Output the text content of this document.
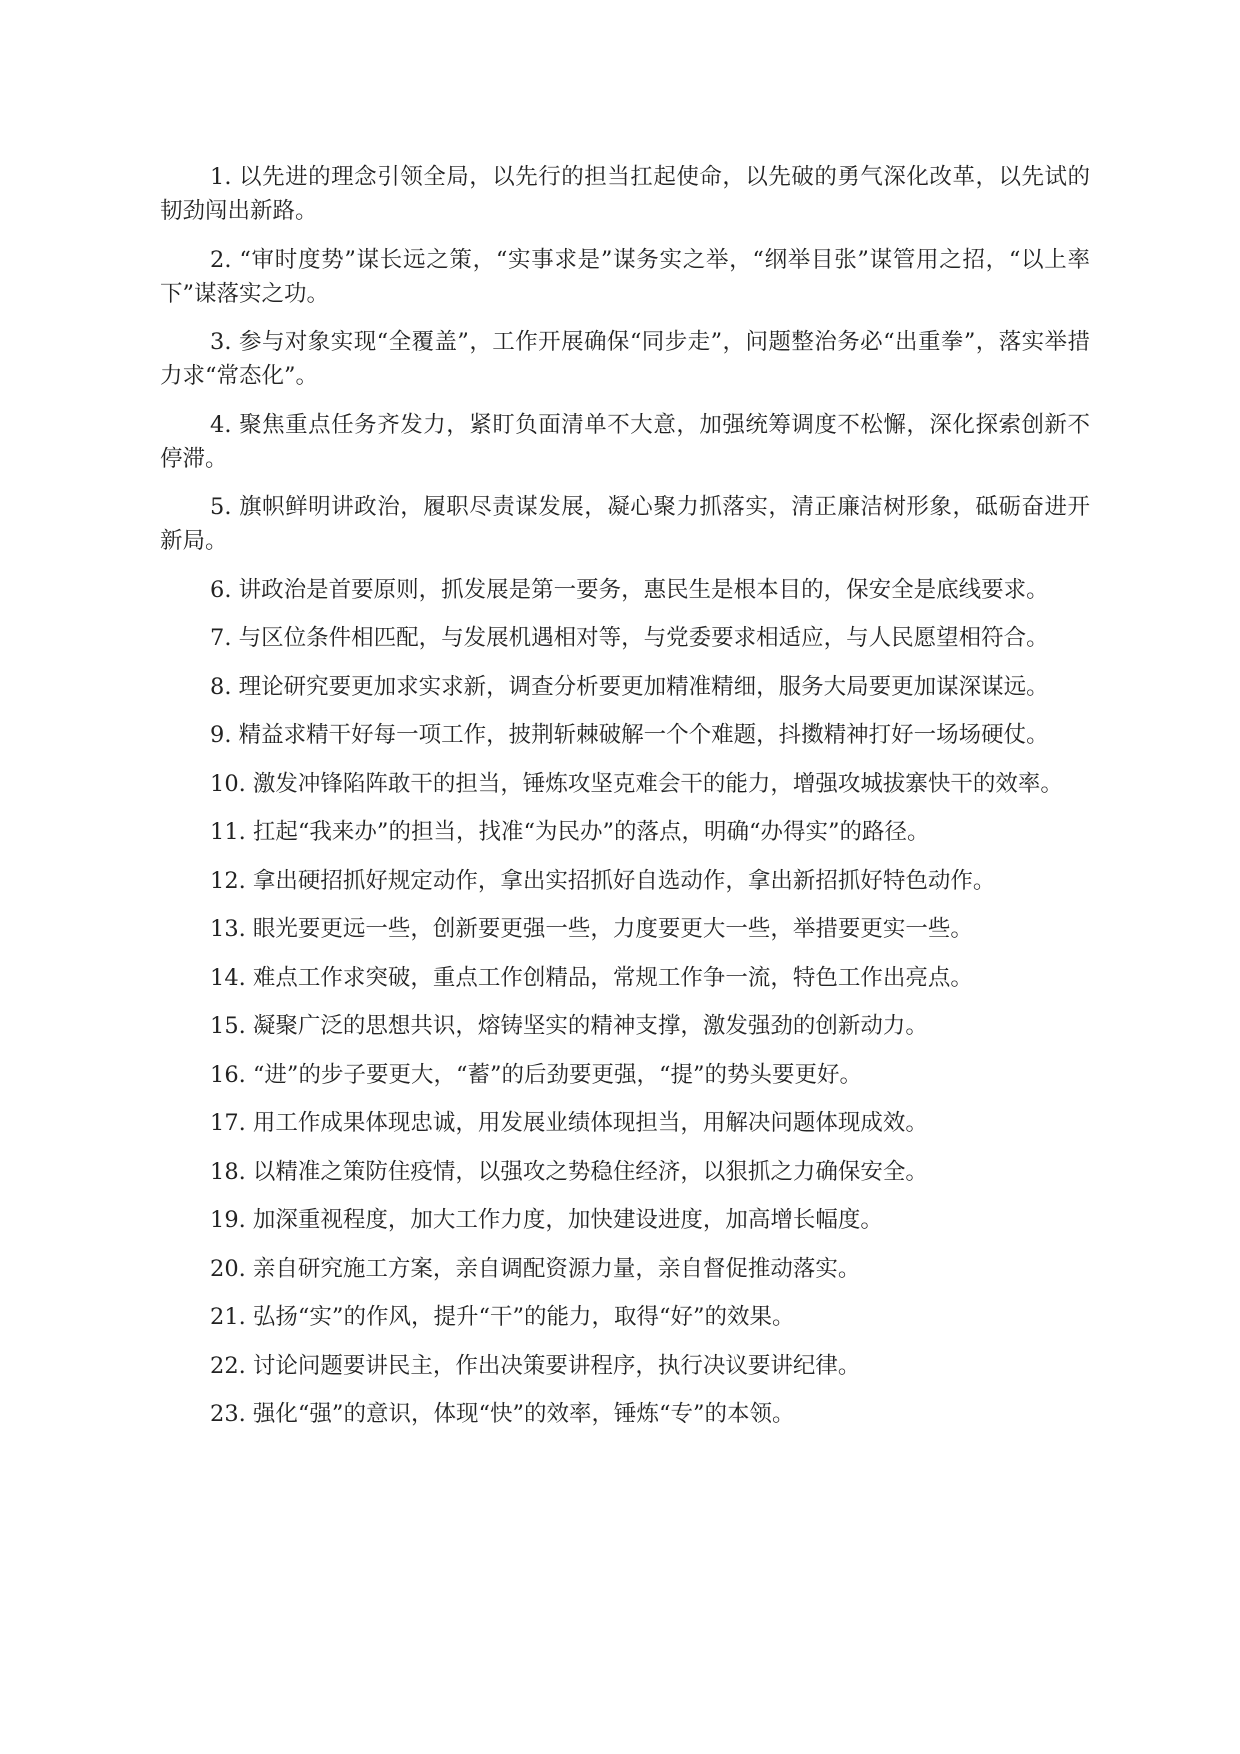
1. 以先进的理念引领全局，以先行的担当扛起使命，以先破的勇气深化改革，以先试的韧劲闯出新路。

2. “审时度势”谋长远之策，“实事求是”谋务实之举，“纲举目张”谋管用之招，“以上率下”谋落实之功。

3. 参与对象实现“全覆盖”，工作开展确保“同步走”，问题整治务必“出重拳”，落实举措力求“常态化”。

4. 聚焦重点任务齐发力，紧盯负面清单不大意，加强统筹调度不松懈，深化探索创新不停滞。

5. 旗帜鲜明讲政治，履职尽责谋发展，凝心聚力抓落实，清正廉洁树形象，砥砺奋进开新局。

6. 讲政治是首要原则，抓发展是第一要务，惠民生是根本目的，保安全是底线要求。

7. 与区位条件相匹配，与发展机遇相对等，与党委要求相适应，与人民愿望相符合。

8. 理论研究要更加求实求新，调查分析要更加精准精细，服务大局要更加谋深谋远。

9. 精益求精干好每一项工作，披荆斩棘破解一个个难题，抖擞精神打好一场场硬仗。

10. 激发冲锋陷阵敢干的担当，锤炼攻坚克难会干的能力，增强攻城拔寨快干的效率。

11. 扛起“我来办”的担当，找准“为民办”的落点，明确“办得实”的路径。

12. 拿出硬招抓好规定动作，拿出实招抓好自选动作，拿出新招抓好特色动作。

13. 眼光要更远一些，创新要更强一些，力度要更大一些，举措要更实一些。

14. 难点工作求突破，重点工作创精品，常规工作争一流，特色工作出亮点。

15. 凝聚广泛的思想共识，熔铸坚实的精神支撑，激发强劲的创新动力。

16. “进”的步子要更大，“蓄”的后劲要更强，“提”的势头要更好。

17. 用工作成果体现忠诚，用发展业绩体现担当，用解决问题体现成效。

18. 以精准之策防住疫情，以强攻之势稳住经济，以狠抓之力确保安全。

19. 加深重视程度，加大工作力度，加快建设进度，加高增长幅度。

20. 亲自研究施工方案，亲自调配资源力量，亲自督促推动落实。

21. 弘扬“实”的作风，提升“干”的能力，取得“好”的效果。

22. 讨论问题要讲民主，作出决策要讲程序，执行决议要讲纪律。

23. 强化“强”的意识，体现“快”的效率，锤炼“专”的本领。
